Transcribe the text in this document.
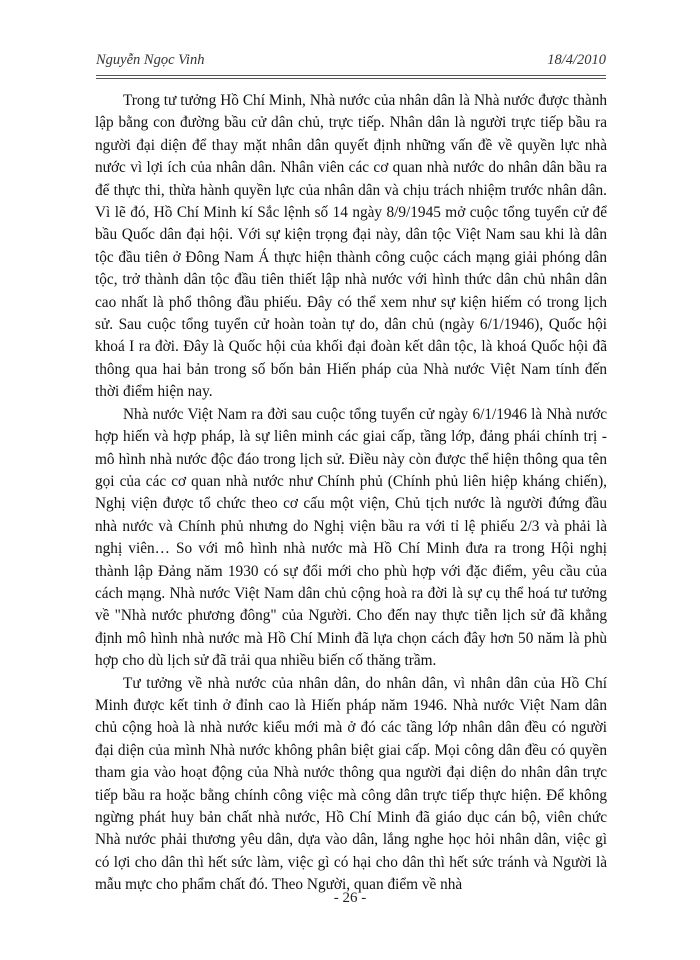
Nguyễn Ngọc Vinh	18/4/2010

Trong tư tưởng Hồ Chí Minh, Nhà nước của nhân dân là Nhà nước được thành lập bằng con đường bầu cử dân chủ, trực tiếp. Nhân dân là người trực tiếp bầu ra người đại diện để thay mặt nhân dân quyết định những vấn đề về quyền lực nhà nước vì lợi ích của nhân dân. Nhân viên các cơ quan nhà nước do nhân dân bầu ra để thực thi, thừa hành quyền lực của nhân dân và chịu trách nhiệm trước nhân dân. Vì lẽ đó, Hồ Chí Minh kí Sắc lệnh số 14 ngày 8/9/1945 mở cuộc tổng tuyển cử để bầu Quốc dân đại hội. Với sự kiện trọng đại này, dân tộc Việt Nam sau khi là dân tộc đầu tiên ở Đông Nam Á thực hiện thành công cuộc cách mạng giải phóng dân tộc, trở thành dân tộc đầu tiên thiết lập nhà nước với hình thức dân chủ nhân dân cao nhất là phổ thông đầu phiếu. Đây có thể xem như sự kiện hiếm có trong lịch sử. Sau cuộc tổng tuyển cử hoàn toàn tự do, dân chủ (ngày 6/1/1946), Quốc hội khoá I ra đời. Đây là Quốc hội của khối đại đoàn kết dân tộc, là khoá Quốc hội đã thông qua hai bản trong số bốn bản Hiến pháp của Nhà nước Việt Nam tính đến thời điểm hiện nay.

Nhà nước Việt Nam ra đời sau cuộc tổng tuyển cử ngày 6/1/1946 là Nhà nước hợp hiến và hợp pháp, là sự liên minh các giai cấp, tầng lớp, đảng phái chính trị - mô hình nhà nước độc đáo trong lịch sử. Điều này còn được thể hiện thông qua tên gọi của các cơ quan nhà nước như Chính phủ (Chính phủ liên hiệp kháng chiến), Nghị viện được tổ chức theo cơ cấu một viện, Chủ tịch nước là người đứng đầu nhà nước và Chính phủ nhưng do Nghị viện bầu ra với tỉ lệ phiếu 2/3 và phải là nghị viên… So với mô hình nhà nước mà Hồ Chí Minh đưa ra trong Hội nghị thành lập Đảng năm 1930 có sự đổi mới cho phù hợp với đặc điểm, yêu cầu của cách mạng. Nhà nước Việt Nam dân chủ cộng hoà ra đời là sự cụ thể hoá tư tưởng về "Nhà nước phương đông" của Người. Cho đến nay thực tiễn lịch sử đã khẳng định mô hình nhà nước mà Hồ Chí Minh đã lựa chọn cách đây hơn 50 năm là phù hợp cho dù lịch sử đã trải qua nhiều biến cố thăng trầm.

Tư tưởng về nhà nước của nhân dân, do nhân dân, vì nhân dân của Hồ Chí Minh được kết tinh ở đỉnh cao là Hiến pháp năm 1946. Nhà nước Việt Nam dân chủ cộng hoà là nhà nước kiểu mới mà ở đó các tầng lớp nhân dân đều có người đại diện của mình Nhà nước không phân biệt giai cấp. Mọi công dân đều có quyền tham gia vào hoạt động của Nhà nước thông qua người đại diện do nhân dân trực tiếp bầu ra hoặc bằng chính công việc mà công dân trực tiếp thực hiện. Để không ngừng phát huy bản chất nhà nước, Hồ Chí Minh đã giáo dục cán bộ, viên chức Nhà nước phải thương yêu dân, dựa vào dân, lắng nghe học hỏi nhân dân, việc gì có lợi cho dân thì hết sức làm, việc gì có hại cho dân thì hết sức tránh và Người là mẫu mực cho phẩm chất đó. Theo Người, quan điểm về nhà

- 26 -
